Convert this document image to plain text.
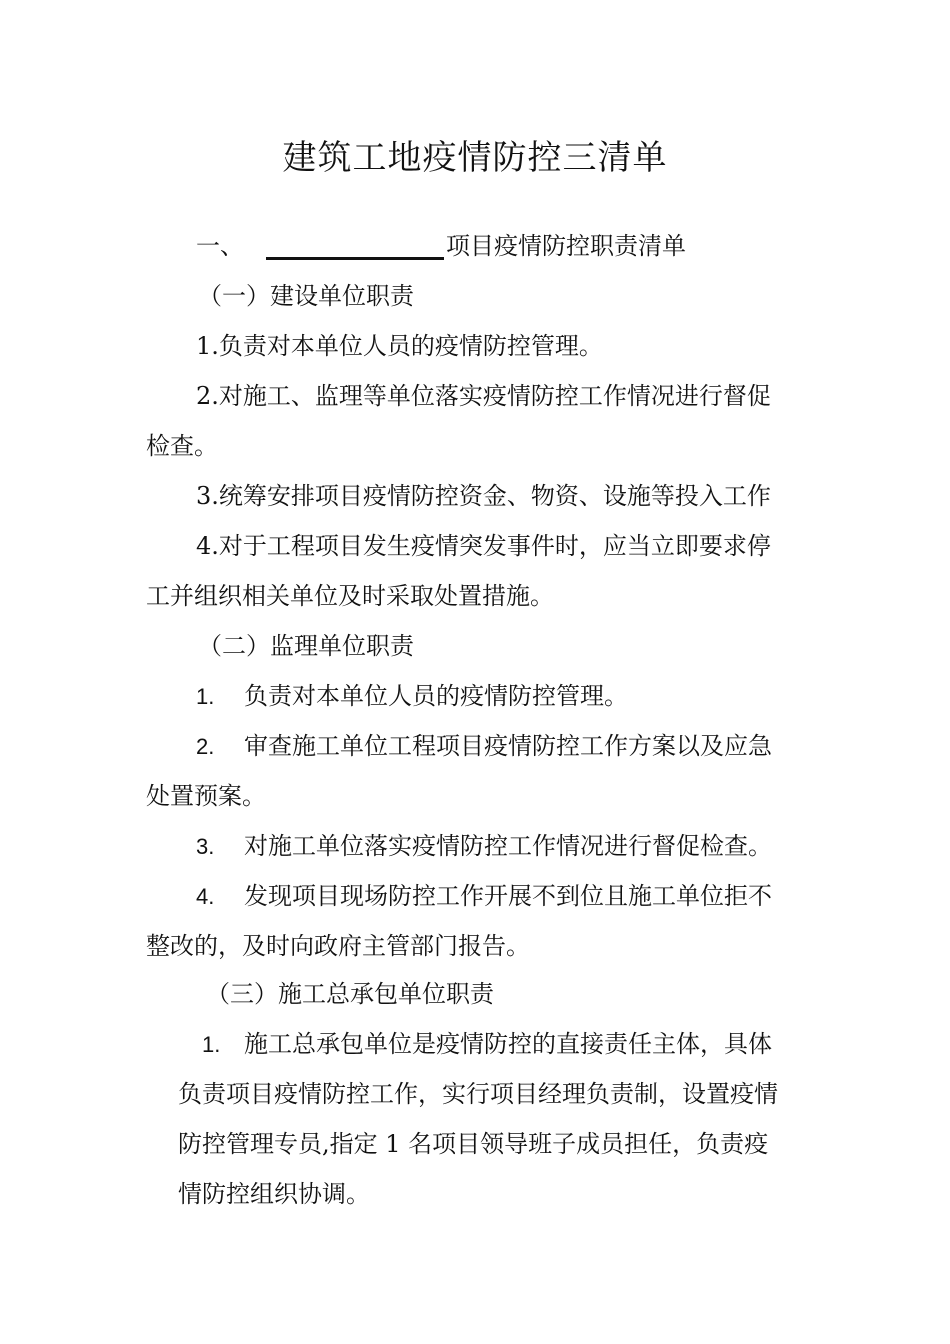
建筑工地疫情防控三清单
一、	项目疫情防控职责清单
（一）建设单位职责
1.负责对本单位人员的疫情防控管理。
2.对施工、监理等单位落实疫情防控工作情况进行督促
检查。
3.统筹安排项目疫情防控资金、物资、设施等投入工作
4.对于工程项目发生疫情突发事件时，应当立即要求停
工并组织相关单位及时采取处置措施。
（二）监理单位职责
1. 负责对本单位人员的疫情防控管理。
2. 审查施工单位工程项目疫情防控工作方案以及应急
处置预案。
3. 对施工单位落实疫情防控工作情况进行督促检查。
4. 发现项目现场防控工作开展不到位且施工单位拒不
整改的，及时向政府主管部门报告。
（三）施工总承包单位职责
1. 施工总承包单位是疫情防控的直接责任主体，具体
负责项目疫情防控工作，实行项目经理负责制，设置疫情
防控管理专员,指定 1 名项目领导班子成员担任，负责疫
情防控组织协调。
